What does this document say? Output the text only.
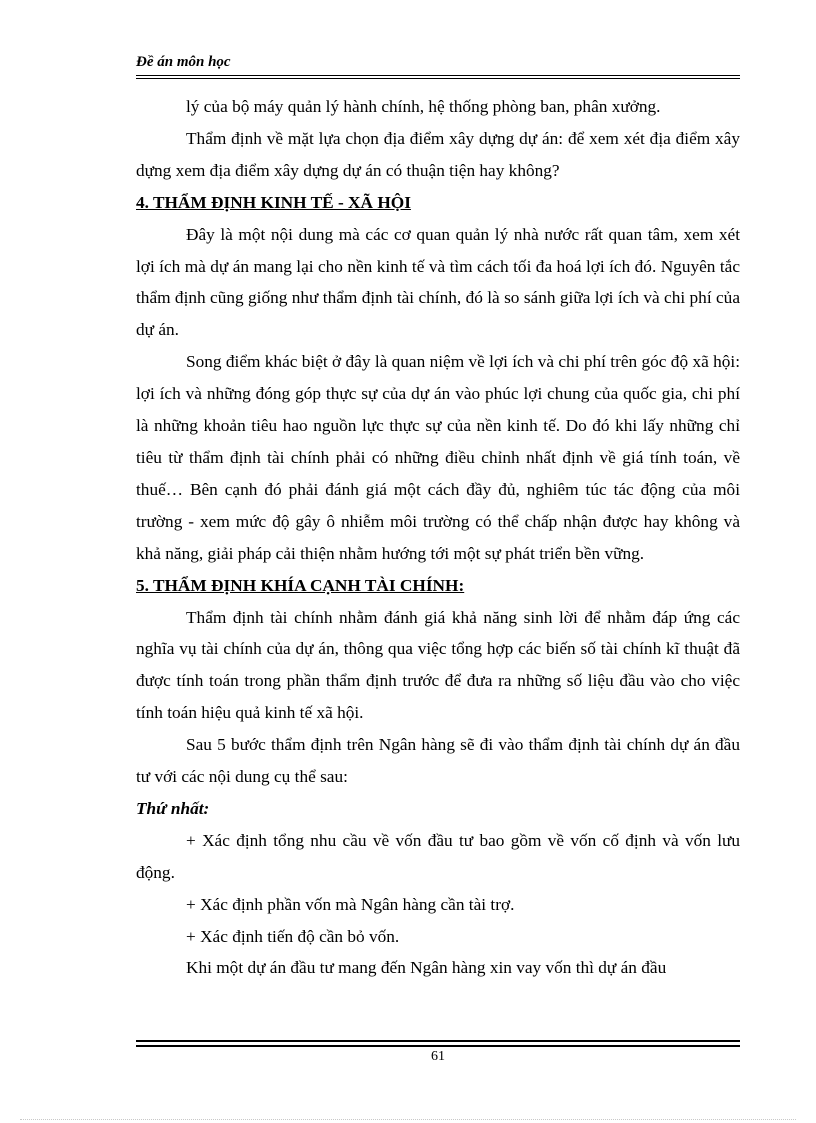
Đề án môn học

lý của bộ máy quản lý hành chính, hệ thống phòng ban, phân xưởng.

Thẩm định về mặt lựa chọn địa điểm xây dựng dự án: để xem xét địa điểm xây dựng xem địa điểm xây dựng dự án có thuận tiện hay không?

4. THẨM ĐỊNH KINH TẾ - XÃ HỘI

Đây là một nội dung mà các cơ quan quản lý nhà nước rất quan tâm, xem xét lợi ích mà dự án mang lại cho nền kinh tế và tìm cách tối đa hoá lợi ích đó. Nguyên tắc thẩm định cũng giống như thẩm định tài chính, đó là so sánh giữa lợi ích và chi phí của dự án.

Song điểm khác biệt ở đây là quan niệm về lợi ích và chi phí trên góc độ xã hội: lợi ích và những đóng góp thực sự của dự án vào phúc lợi chung của quốc gia, chi phí là những khoản tiêu hao nguồn lực thực sự của nền kinh tế. Do đó khi lấy những chỉ tiêu từ thẩm định tài chính phải có những điều chỉnh nhất định về giá tính toán, về thuế… Bên cạnh đó phải đánh giá một cách đầy đủ, nghiêm túc tác động của môi trường - xem mức độ gây ô nhiễm môi trường có thể chấp nhận được hay không và khả năng, giải pháp cải thiện nhằm hướng tới một sự phát triển bền vững.

5. THẨM ĐỊNH KHÍA CẠNH TÀI CHÍNH:

Thẩm định tài chính nhằm đánh giá khả năng sinh lời để nhằm đáp ứng các nghĩa vụ tài chính của dự án, thông qua việc tổng hợp các biến số tài chính kĩ thuật đã được tính toán trong phần thẩm định trước để đưa ra những số liệu đầu vào cho việc tính toán hiệu quả kinh tế xã hội.

Sau 5 bước thẩm định trên Ngân hàng sẽ đi vào thẩm định tài chính dự án đầu tư với các nội dung cụ thể sau:

Thứ nhất:

+ Xác định tổng nhu cầu về vốn đầu tư bao gồm về vốn cố định và vốn lưu động.

+ Xác định phần vốn mà Ngân hàng cần tài trợ.

+ Xác định tiến độ cần bỏ vốn.

Khi một dự án đầu tư mang đến Ngân hàng xin vay vốn thì dự án đầu

61
